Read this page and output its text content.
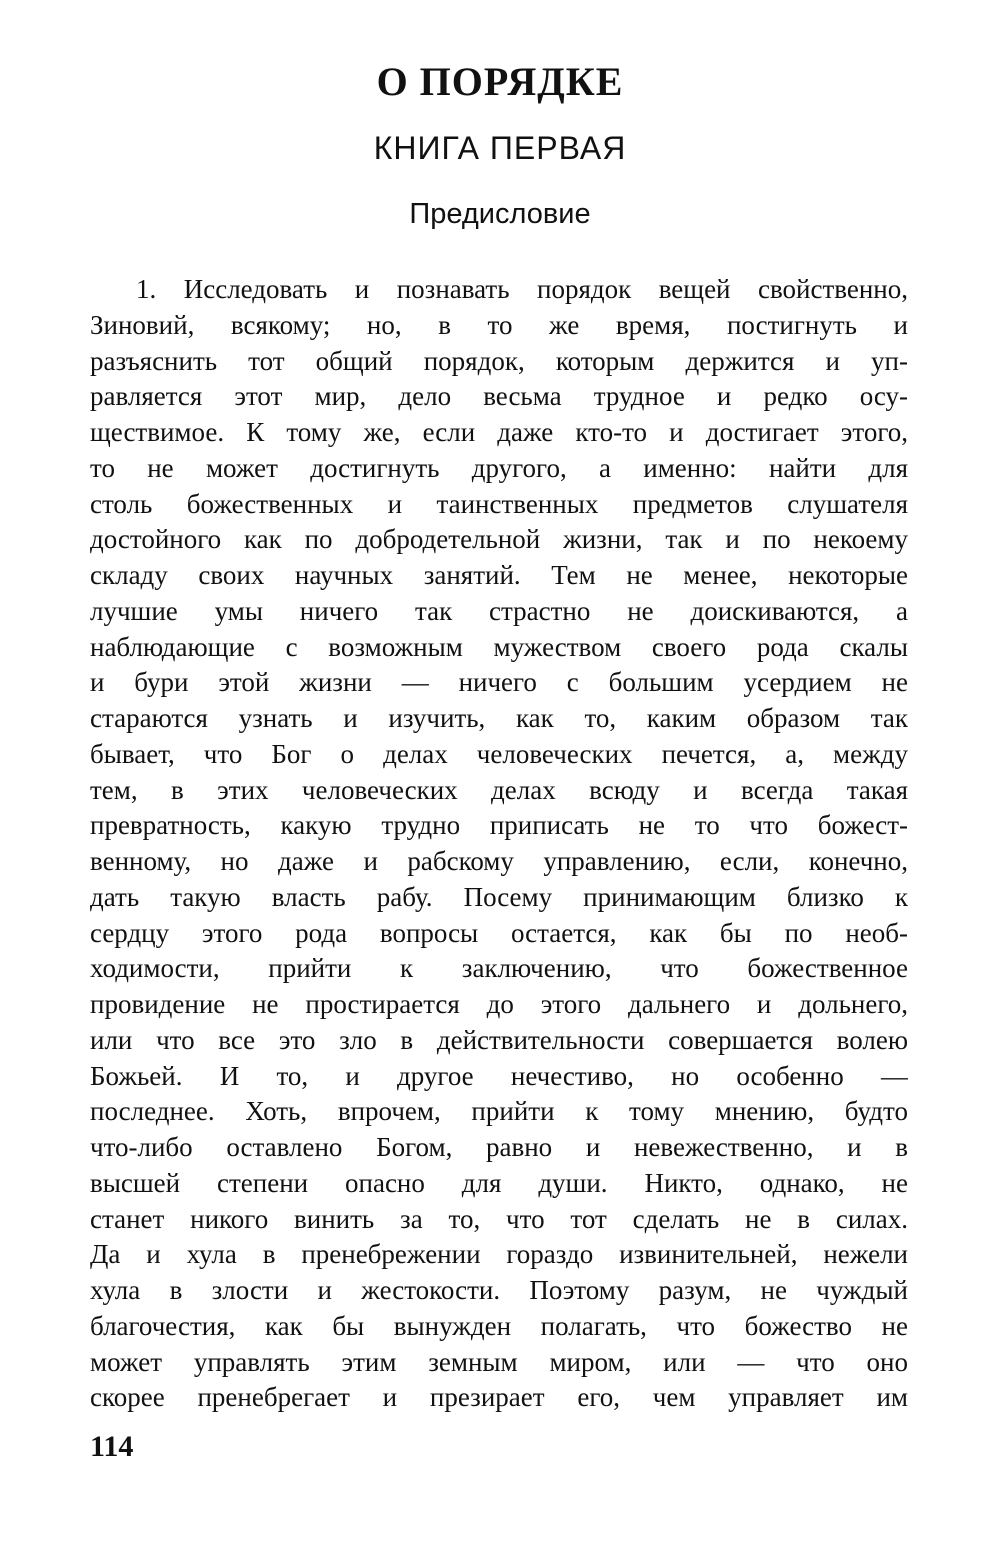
О ПОРЯДКЕ
КНИГА ПЕРВАЯ
Предисловие
1. Исследовать и познавать порядок вещей свойственно,
Зиновий, всякому; но, в то же время, постигнуть и
разъяснить тот общий порядок, которым держится и уп-
равляется этот мир, дело весьма трудное и редко осу-
ществимое. К тому же, если даже кто-то и достигает этого,
то не может достигнуть другого, а именно: найти для
столь божественных и таинственных предметов слушателя
достойного как по добродетельной жизни, так и по некоему
складу своих научных занятий. Тем не менее, некоторые
лучшие умы ничего так страстно не доискиваются, а
наблюдающие с возможным мужеством своего рода скалы
и бури этой жизни — ничего с большим усердием не
стараются узнать и изучить, как то, каким образом так
бывает, что Бог о делах человеческих печется, а, между
тем, в этих человеческих делах всюду и всегда такая
превратность, какую трудно приписать не то что божест-
венному, но даже и рабскому управлению, если, конечно,
дать такую власть рабу. Посему принимающим близко к
сердцу этого рода вопросы остается, как бы по необ-
ходимости, прийти к заключению, что божественное
провидение не простирается до этого дальнего и дольнего,
или что все это зло в действительности совершается волею
Божьей. И то, и другое нечестиво, но особенно —
последнее. Хоть, впрочем, прийти к тому мнению, будто
что-либо оставлено Богом, равно и невежественно, и в
высшей степени опасно для души. Никто, однако, не
станет никого винить за то, что тот сделать не в силах.
Да и хула в пренебрежении гораздо извинительней, нежели
хула в злости и жестокости. Поэтому разум, не чуждый
благочестия, как бы вынужден полагать, что божество не
может управлять этим земным миром, или — что оно
скорее пренебрегает и презирает его, чем управляет им
114
